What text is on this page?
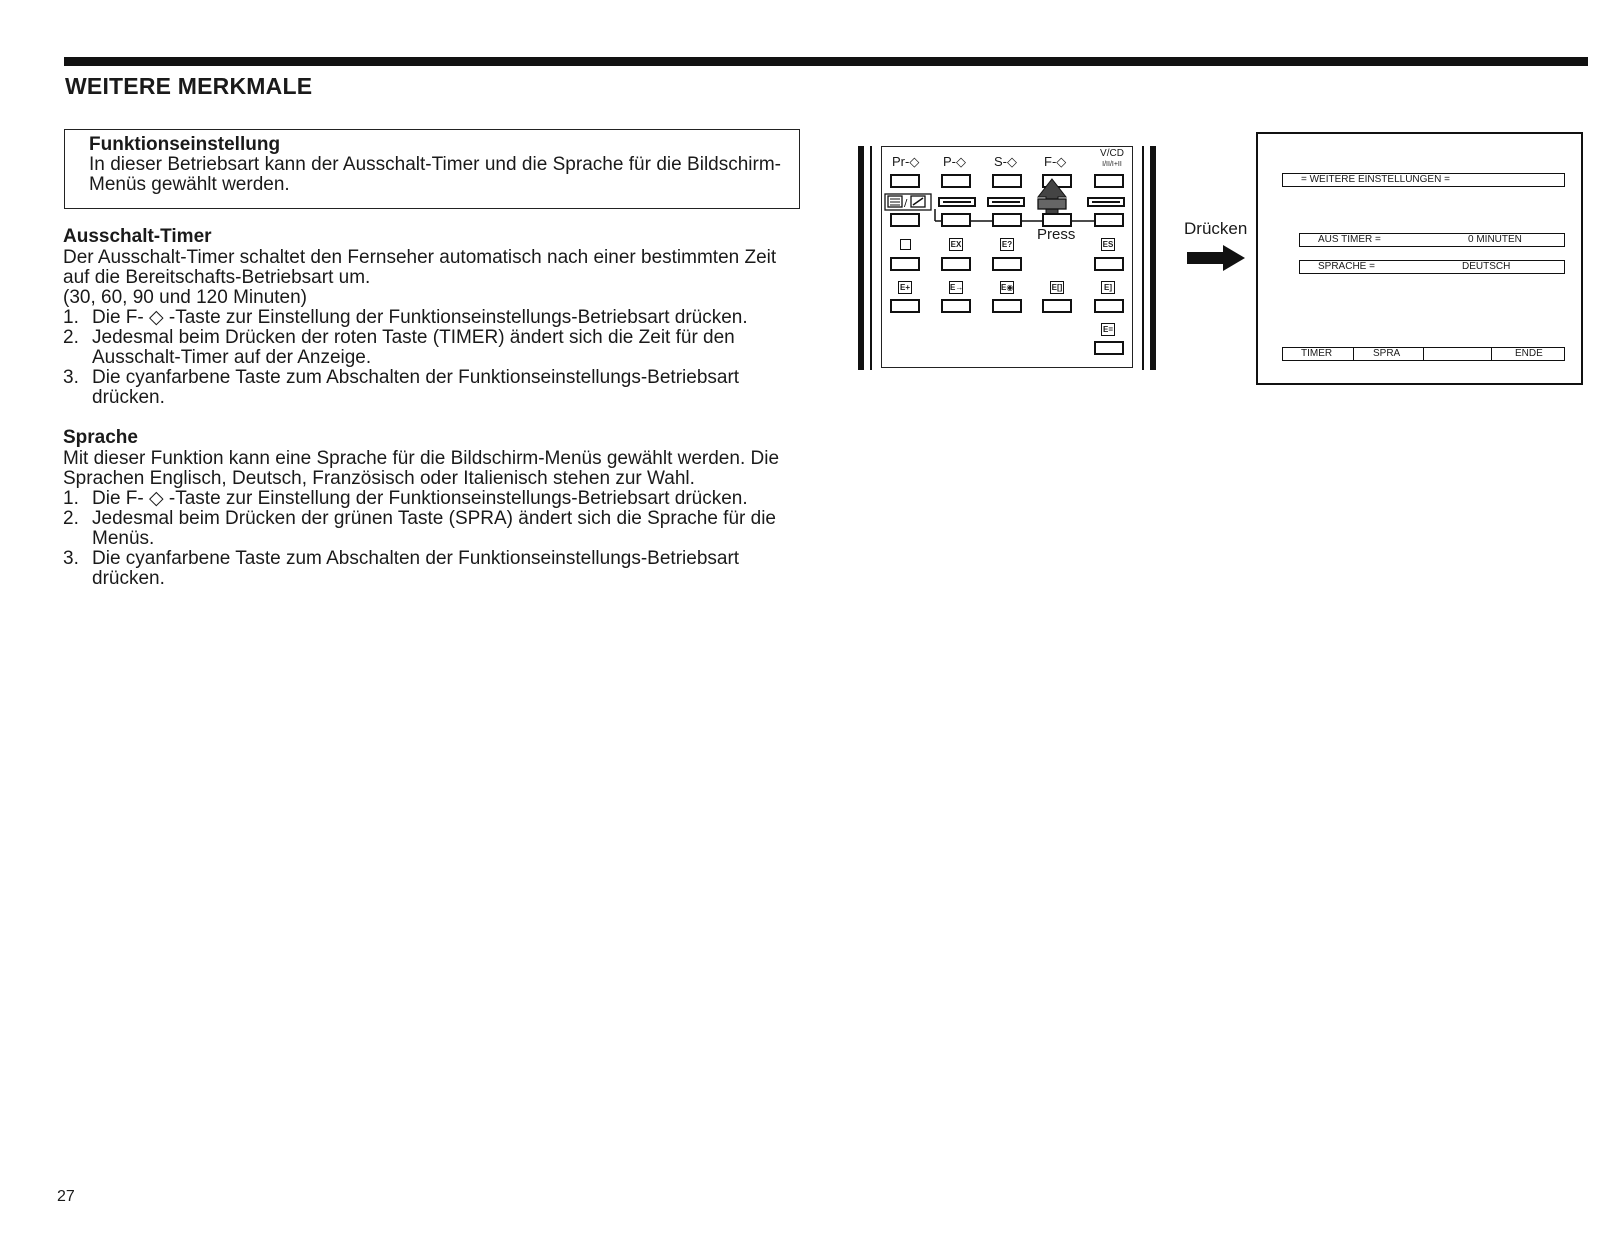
WEITERE MERKMALE
Funktionseinstellung
In dieser Betriebsart kann der Ausschalt-Timer und die Sprache für die Bildschirm-Menüs gewählt werden.
Ausschalt-Timer

Der Ausschalt-Timer schaltet den Fernseher automatisch nach einer bestimmten Zeit auf die Bereitschafts-Betriebsart um.

(30, 60, 90 und 120 Minuten)

1. Die F- ◇ -Taste zur Einstellung der Funktionseinstellungs-Betriebsart drücken.
2. Jedesmal beim Drücken der roten Taste (TIMER) ändert sich die Zeit für den Ausschalt-Timer auf der Anzeige.
3. Die cyanfarbene Taste zum Abschalten der Funktionseinstellungs-Betriebsart drücken.
Sprache

Mit dieser Funktion kann eine Sprache für die Bildschirm-Menüs gewählt werden. Die Sprachen Englisch, Deutsch, Französisch oder Italienisch stehen zur Wahl.

1. Die F- ◇ -Taste zur Einstellung der Funktionseinstellungs-Betriebsart drücken.
2. Jedesmal beim Drücken der grünen Taste (SPRA) ändert sich die Sprache für die Menüs.
3. Die cyanfarbene Taste zum Abschalten der Funktionseinstellungs-Betriebsart drücken.
Pr-◇ P-◇ S-◇ F-◇
V/CD
I/II/I+II
/
Press
EX	E?	ES
E+	E→	E◉	E[]	E]
E=
Drücken
= WEITERE EINSTELLUNGEN =
AUS TIMER =	0 MINUTEN
SPRACHE =	DEUTSCH
TIMER	SPRA	ENDE
27
